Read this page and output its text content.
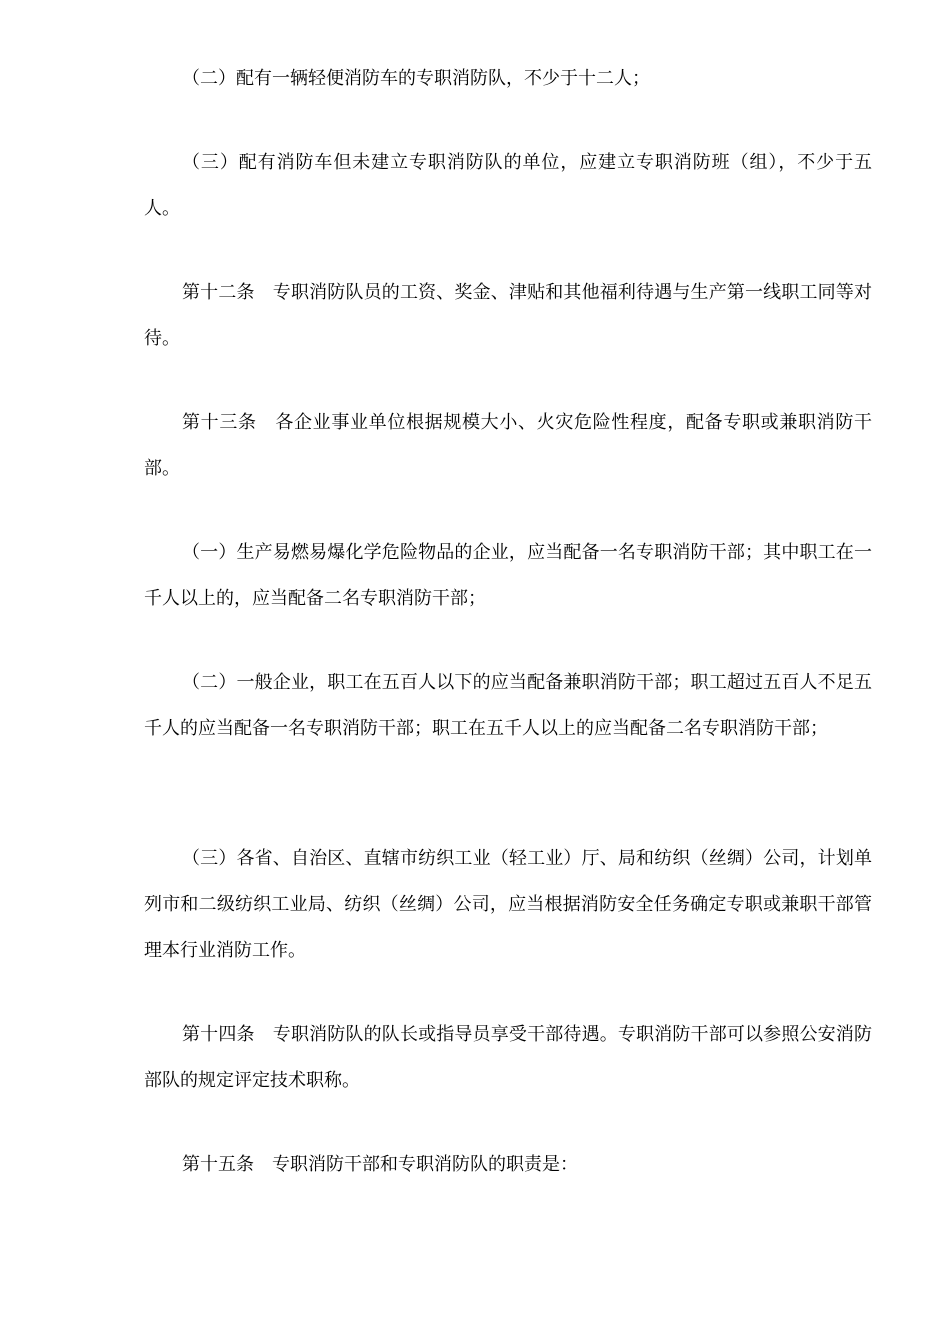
（二）配有一辆轻便消防车的专职消防队，不少于十二人；

（三）配有消防车但未建立专职消防队的单位，应建立专职消防班（组），不少于五人。

第十二条　专职消防队员的工资、奖金、津贴和其他福利待遇与生产第一线职工同等对待。

第十三条　各企业事业单位根据规模大小、火灾危险性程度，配备专职或兼职消防干部。

（一）生产易燃易爆化学危险物品的企业，应当配备一名专职消防干部；其中职工在一千人以上的，应当配备二名专职消防干部；

（二）一般企业，职工在五百人以下的应当配备兼职消防干部；职工超过五百人不足五千人的应当配备一名专职消防干部；职工在五千人以上的应当配备二名专职消防干部；

（三）各省、自治区、直辖市纺织工业（轻工业）厅、局和纺织（丝绸）公司，计划单列市和二级纺织工业局、纺织（丝绸）公司，应当根据消防安全任务确定专职或兼职干部管理本行业消防工作。

第十四条　专职消防队的队长或指导员享受干部待遇。专职消防干部可以参照公安消防部队的规定评定技术职称。

第十五条　专职消防干部和专职消防队的职责是：
